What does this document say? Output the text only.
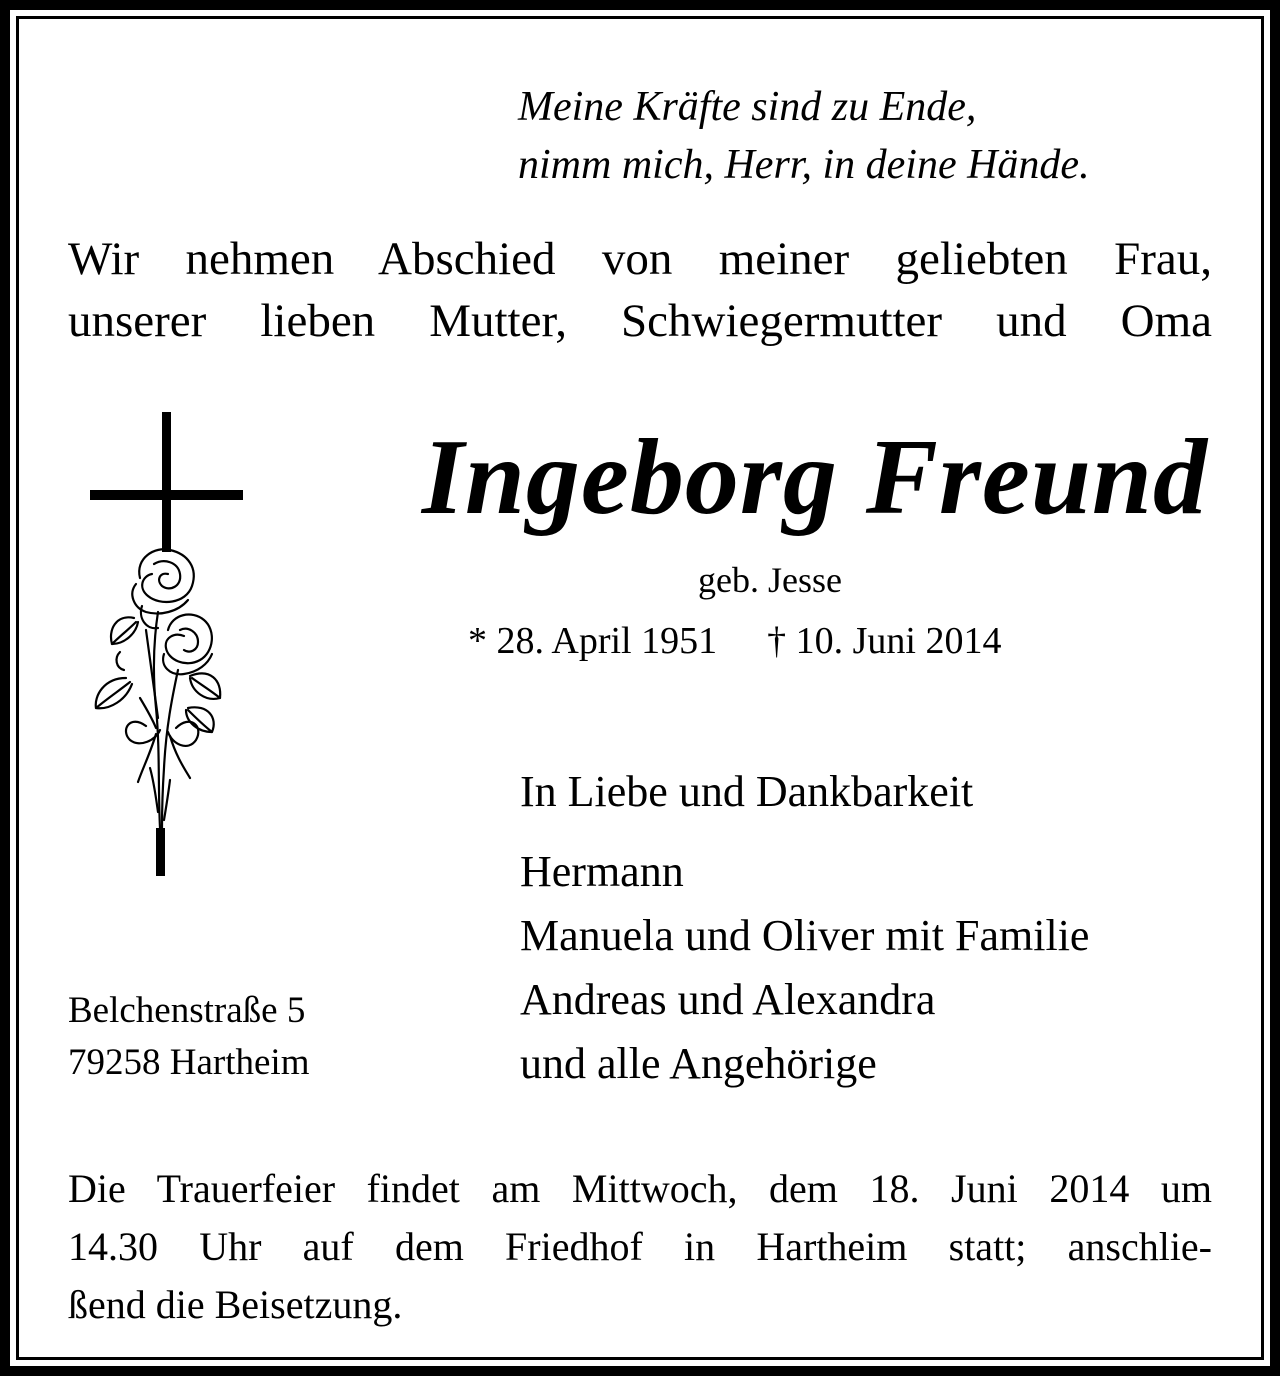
Meine Kräfte sind zu Ende,
nimm mich, Herr, in deine Hände.
Wir nehmen Abschied von meiner geliebten Frau,
unserer lieben Mutter, Schwiegermutter und Oma
Ingeborg Freund
geb. Jesse
* 28. April 1951 † 10. Juni 2014
In Liebe und Dankbarkeit
Hermann
Manuela und Oliver mit Familie
Andreas und Alexandra
und alle Angehörige
Belchenstraße 5
79258 Hartheim
Die Trauerfeier findet am Mittwoch, dem 18. Juni 2014 um
14.30 Uhr auf dem Friedhof in Hartheim statt; anschlie-
ßend die Beisetzung.
